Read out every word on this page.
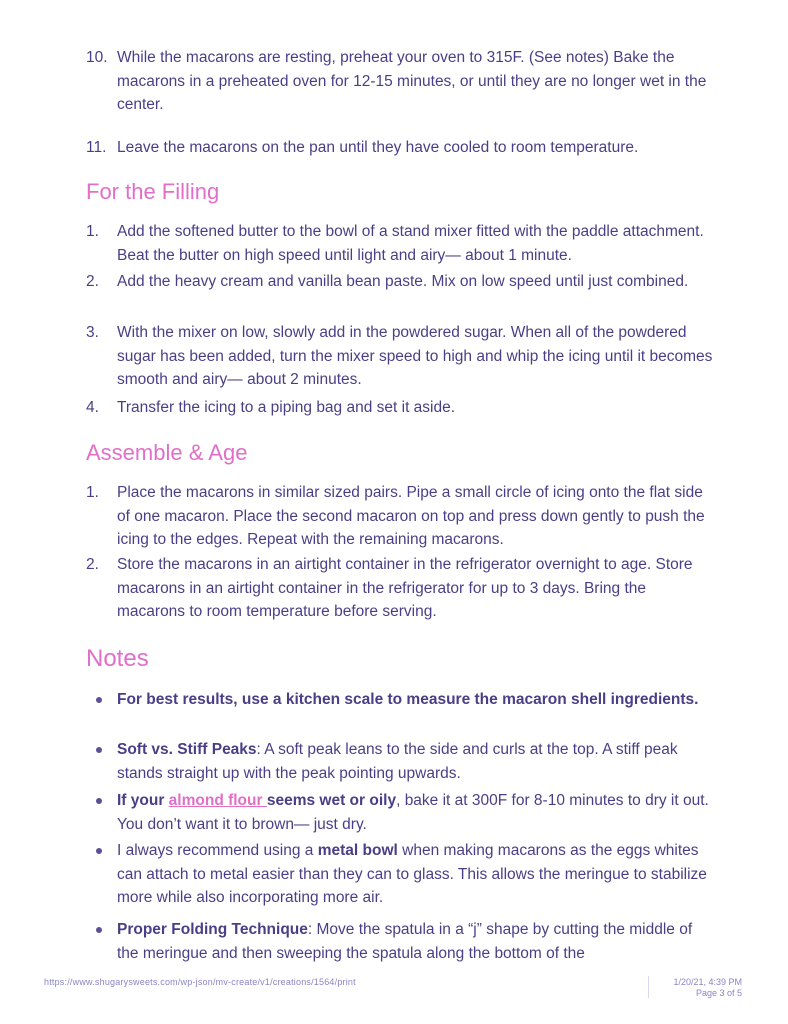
10. While the macarons are resting, preheat your oven to 315F. (See notes) Bake the macarons in a preheated oven for 12-15 minutes, or until they are no longer wet in the center.
11. Leave the macarons on the pan until they have cooled to room temperature.
For the Filling
1.	Add the softened butter to the bowl of a stand mixer fitted with the paddle attachment. Beat the butter on high speed until light and airy— about 1 minute.
2.	Add the heavy cream and vanilla bean paste. Mix on low speed until just combined.
3.	With the mixer on low, slowly add in the powdered sugar. When all of the powdered sugar has been added, turn the mixer speed to high and whip the icing until it becomes smooth and airy— about 2 minutes.
4.	Transfer the icing to a piping bag and set it aside.
Assemble & Age
1.	Place the macarons in similar sized pairs. Pipe a small circle of icing onto the flat side of one macaron. Place the second macaron on top and press down gently to push the icing to the edges. Repeat with the remaining macarons.
2.	Store the macarons in an airtight container in the refrigerator overnight to age. Store macarons in an airtight container in the refrigerator for up to 3 days. Bring the macarons to room temperature before serving.
Notes
For best results, use a kitchen scale to measure the macaron shell ingredients.
Soft vs. Stiff Peaks: A soft peak leans to the side and curls at the top. A stiff peak stands straight up with the peak pointing upwards.
If your almond flour seems wet or oily, bake it at 300F for 8-10 minutes to dry it out. You don’t want it to brown— just dry.
I always recommend using a metal bowl when making macarons as the eggs whites can attach to metal easier than they can to glass. This allows the meringue to stabilize more while also incorporating more air.
Proper Folding Technique: Move the spatula in a “j” shape by cutting the middle of the meringue and then sweeping the spatula along the bottom of the
https://www.shugarysweets.com/wp-json/mv-create/v1/creations/1564/print	1/20/21, 4:39 PM
Page 3 of 5
